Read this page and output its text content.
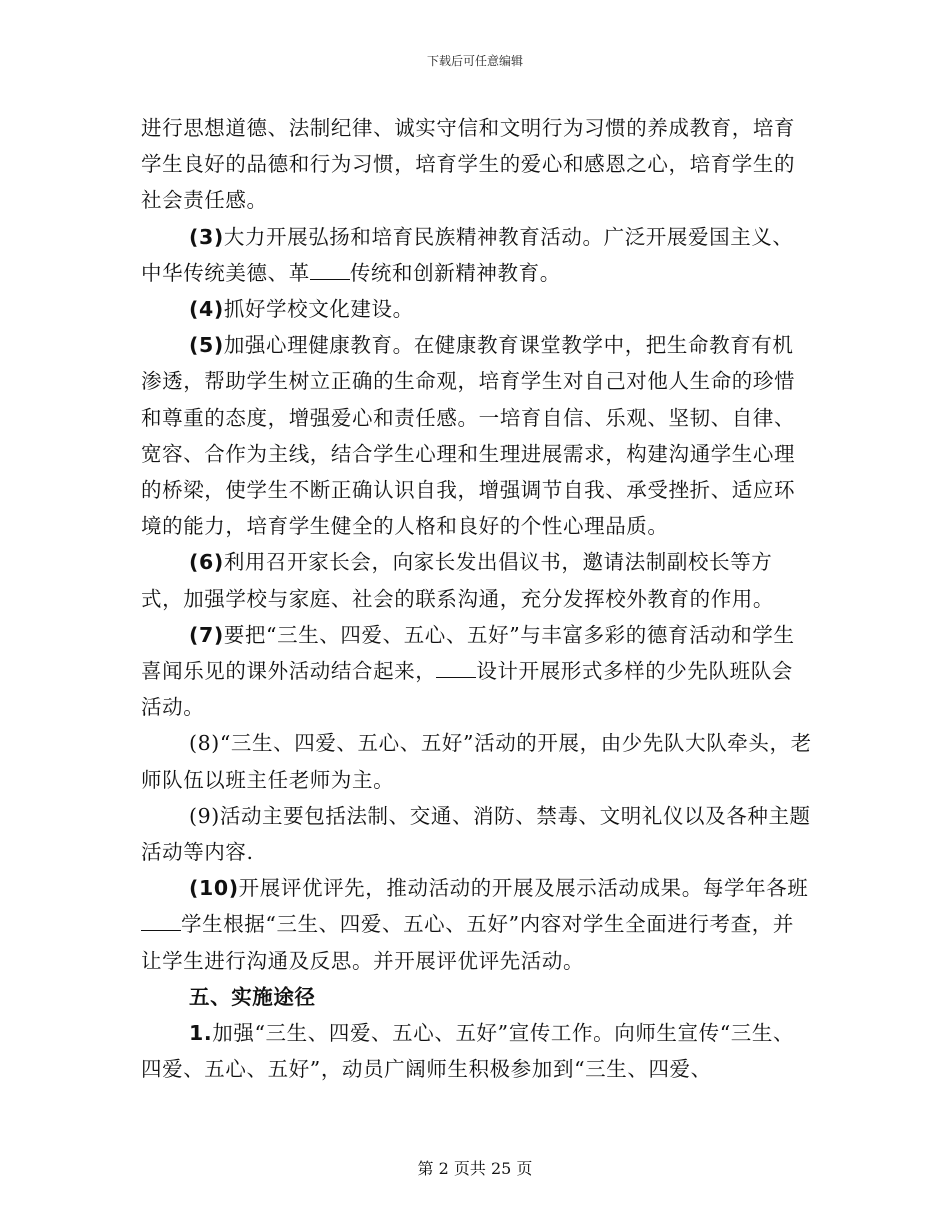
下载后可任意编辑

进行思想道德、法制纪律、诚实守信和文明行为习惯的养成教育，培育学生良好的品德和行为习惯，培育学生的爱心和感恩之心，培育学生的社会责任感。

(3)大力开展弘扬和培育民族精神教育活动。广泛开展爱国主义、中华传统美德、革 传统和创新精神教育。

(4)抓好学校文化建设。

(5)加强心理健康教育。在健康教育课堂教学中，把生命教育有机渗透，帮助学生树立正确的生命观，培育学生对自己对他人生命的珍惜和尊重的态度，增强爱心和责任感。一培育自信、乐观、坚韧、自律、宽容、合作为主线，结合学生心理和生理进展需求，构建沟通学生心理的桥梁，使学生不断正确认识自我，增强调节自我、承受挫折、适应环境的能力，培育学生健全的人格和良好的个性心理品质。

(6)利用召开家长会，向家长发出倡议书，邀请法制副校长等方式，加强学校与家庭、社会的联系沟通，充分发挥校外教育的作用。

(7)要把“三生、四爱、五心、五好”与丰富多彩的德育活动和学生喜闻乐见的课外活动结合起来， 设计开展形式多样的少先队班队会活动。

(8)“三生、四爱、五心、五好”活动的开展，由少先队大队牵头，老师队伍以班主任老师为主。

(9)活动主要包括法制、交通、消防、禁毒、文明礼仪以及各种主题活动等内容.

(10)开展评优评先，推动活动的开展及展示活动成果。每学年各班学生根据“三生、四爱、五心、五好”内容对学生全面进行考查，并让学生进行沟通及反思。并开展评优评先活动。

五、实施途径

1.加强“三生、四爱、五心、五好”宣传工作。向师生宣传“三生、四爱、五心、五好”，动员广阔师生积极参加到“三生、四爱、

第 2 页共 25 页
